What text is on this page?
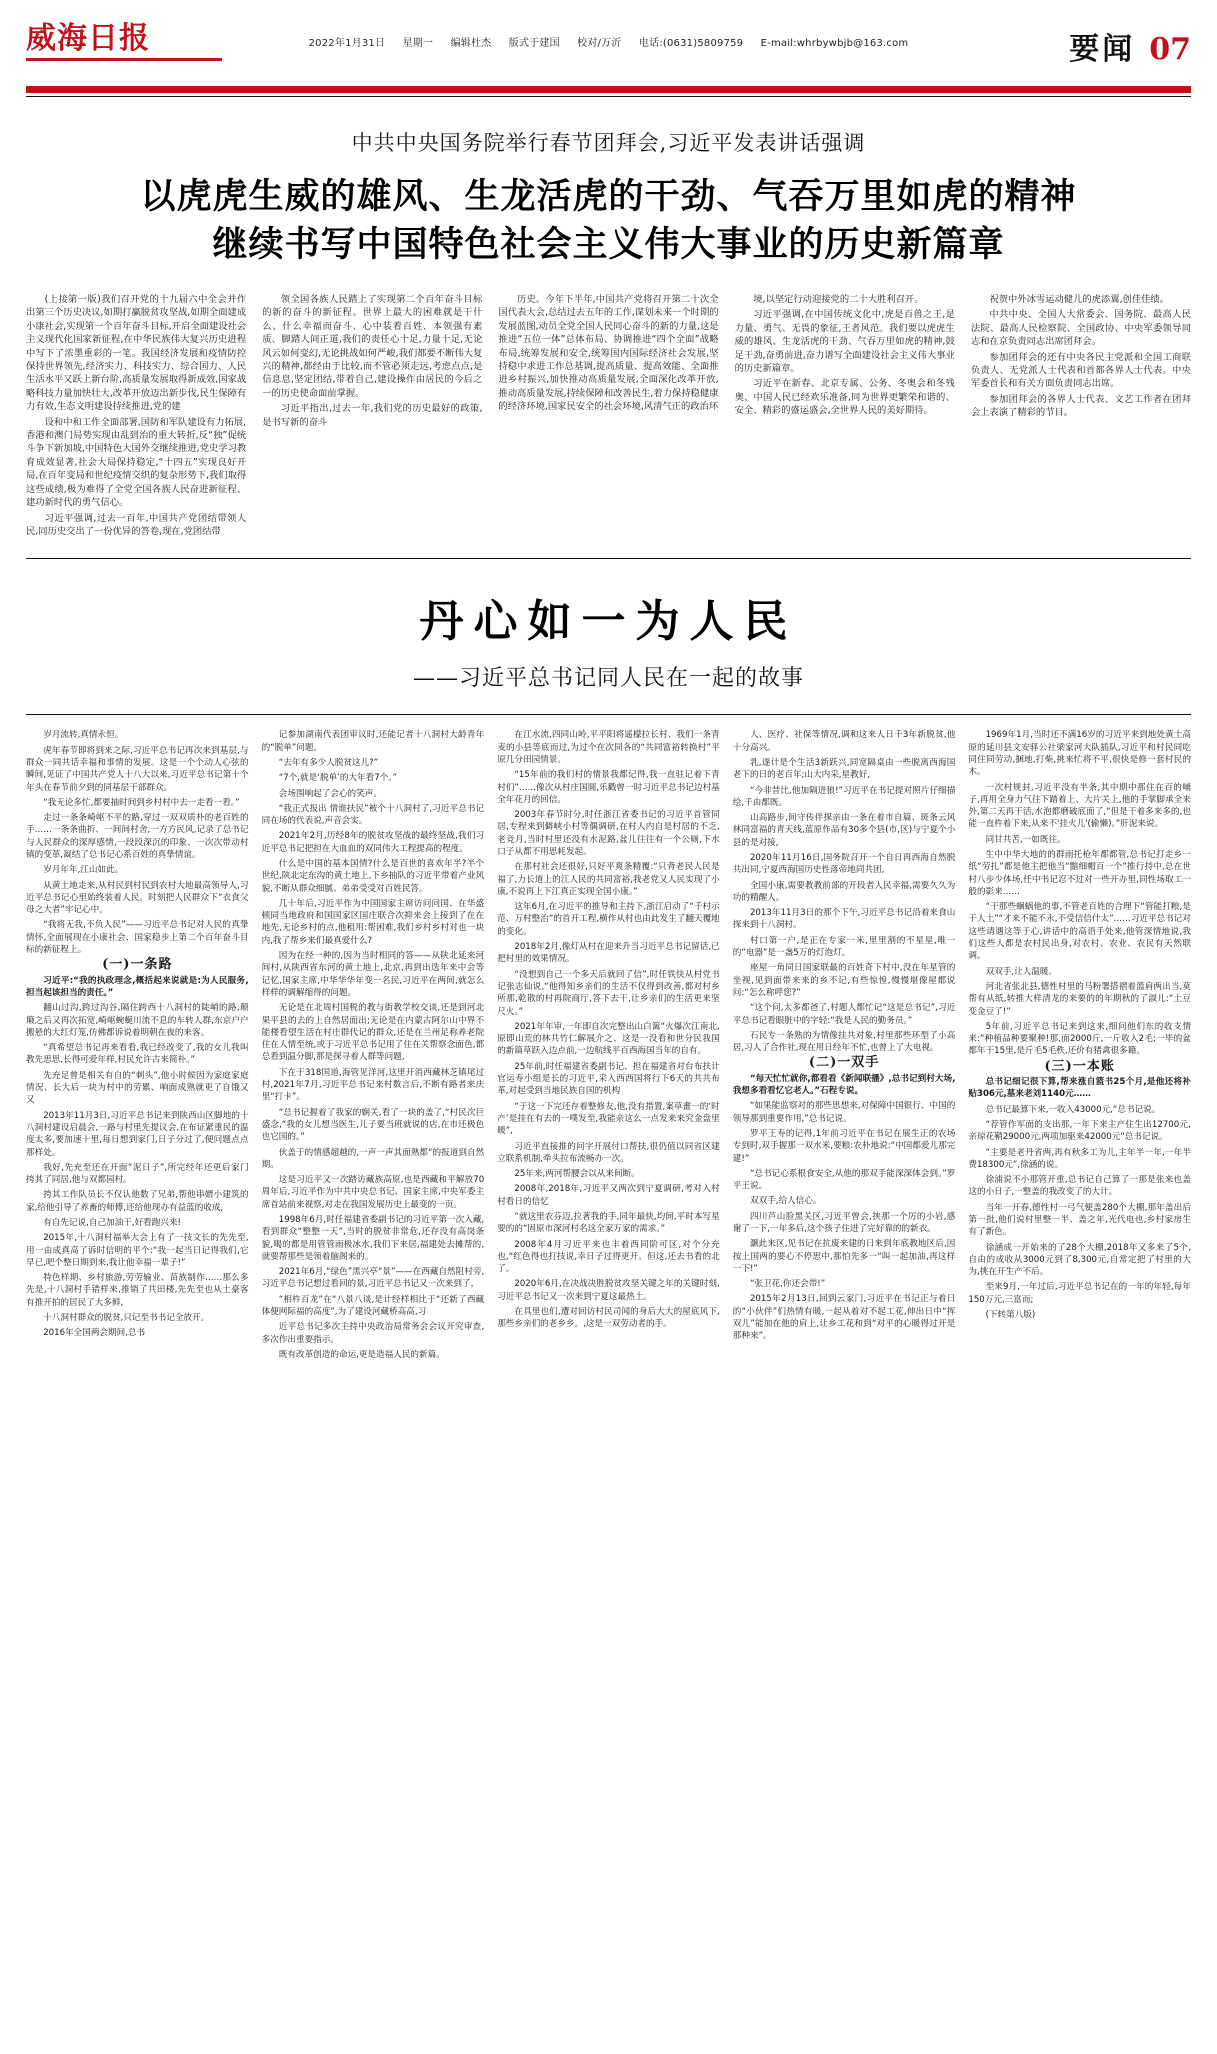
威海日报	2022年1月31日 星期一 编辑杜杰 版式于建国 校对/万沂 电话:(0631)5809759 E-mail:whrbywbjb@163.com	要闻 07
中共中央国务院举行春节团拜会,习近平发表讲话强调
以虎虎生威的雄风、生龙活虎的干劲、气吞万里如虎的精神
继续书写中国特色社会主义伟大事业的历史新篇章

(上接第一版)我们召开党的十九届六中全会并作出第三个历史决议,如期打赢脱贫攻坚战,如期全面建成小康社会,实现第一个百年奋斗目标,开启全面建设社会主义现代化国家新征程,在中华民族伟大复兴历史进程中写下了浓墨重彩的一笔。我国经济发展和疫情防控保持世界领先,经济实力、科技实力、综合国力、人民生活水平又跃上新台阶,高质量发展取得新成效,国家战略科技力量加快壮大,改革开放迈出新步伐,民生保障有力有效,生态文明建设持续推进,党的建

设和中和工作全面部署,国防和军队建设有力拓展,香港和澳门局势实现由乱到治的重大转折,反“独”促统斗争下新加坡,中国特色大国外交继续推进,党史学习教育成效显著,社会大局保持稳定,“十四五”实现良好开局,在百年变局和世纪疫情交织的复杂形势下,我们取得这些成绩,极为难得了全党全国各族人民奋进新征程、建功新时代的勇气信心。

习近平强调,过去一百年,中国共产党团结带领人民,同历史交出了一份优异的答卷,现在,党团结带

领全国各族人民踏上了实现第二个百年奋斗目标的新的奋斗的新征程。世界上最大的困难就是干什么、什么幸福而奋斗、心中装着百姓、本领强有素质、脚踏人间正道,我们的责任心十足,力量十足,无论风云如何变幻,无论挑战如何严峻,我们都要不断伟大复兴的精神,都经由于比较,而不管必须走远,考虑点点,是信息息,坚定团结,带着自己,建设操作由居民的今后之一的历史使命面前掌握。

习近平指出,过去一年,我们党的历史最好的政策,是书写新的奋斗

历史。今年下半年,中国共产党将召开第二十次全国代表大会,总结过去五年的工作,谋划未来一个时期的发展蓝图,动员全党全国人民同心奋斗的新的力量,这是推进“五位一体”总体布局、协调推进“四个全面”战略布局,统筹发展和安全,统筹国内国际经济社会发展,坚持稳中求进工作总基调,提高质量、提高效能、全面推进乡村振兴,加快推动高质量发展,全面深化改革开放,推动高质量发展,持续保障和改善民生,着力保持稳健康的经济环境,国家民安全的社会环境,风清气正的政治环

境,以坚定行动迎接党的二十大胜利召开。

习近平强调,在中国传统文化中,虎是百兽之王,是力量、勇气、无畏的象征,王者风范。我们要以虎虎生威的雄风、生龙活虎的干劲、气吞万里如虎的精神,鼓足干劲,奋勇前进,奋力谱写全面建设社会主义伟大事业的历史新篇章。

习近平在新春、北京专属、公务、冬奥会和冬残奥、中国人民已经欢乐准备,同为世界更繁荣和谐的、安全、精彩的盛运盛会,全世界人民的美好期待。

祝贺中外冰雪运动健儿的虎添翼,创佳佳绩。

中共中央、全国人大常委会、国务院、最高人民法院、最高人民检察院、全国政协、中央军委领导同志和在京负责同志出席团拜会。

参加团拜会的还有中央各民主党派和全国工商联负责人、无党派人士代表和首都各界人士代表。中央军委首长和有关方面负责同志出席。

参加团拜会的各界人士代表、文艺工作者在团拜会上表演了精彩的节目。

丹心如一为人民
——习近平总书记同人民在一起的故事

岁月流转,真情永恒。

虎年春节即将到来之际,习近平总书记再次来到基层,与群众一同共话幸福和事情的发展。这是一个个动人心弦的瞬间,见证了中国共产党人十八大以来,习近平总书记第十个年头在春节前夕到的同基层干部群众。

“我无论多忙,都要抽时间到乡村村中去一走看一看。”

走过一条条崎岖不平的路,穿过一双双质朴的老百姓的手……一条条曲折、一间间村舍,一方方民风,记录了总书记与人民群众的深厚感情,一段段深沉的印象、一次次带动村镇的变革,凝结了总书记心系百姓的真挚情谊。

岁月年年,江山如此。

从黄土地走来,从村民到村民到农村大地最高领导人,习近平总书记心里始终装着人民。时刻把人民群众下“衣食父母之大者”牢记心中。

“我将无我,不负人民”——习近平总书记对人民的真挚情怀,全面展现在小康社会、国家稳步上第二个百年奋斗目标的新征程上。

(一)一条路

习近平:“我的执政理念,概括起来说就是:为人民服务,担当起该担当的责任。”

翻山过沟,跨过沟谷,隔住跨西十八洞村的陡峭的路,颠簸之后又再次拓宽,崎岖蜿蜒川流不息的车转人群,东京户户搬悬的大红灯笼,仿佛都诉说着明朝在夜的来客。

“真希望总书记再来看看,我已经改变了,我的女儿我叫教先思思,长得可爱年样,村民允许古来简朴。”

先充足曾是相关有自的“刺头”,他小时候因为家庭家庭情况、长大后一块为村中的劳累、响面成熟就更了自饿又又

2013年11月3日,习近平总书记来到陕西山区脚地的十八洞村建设启晨会,一路与村里先提议会,在布证紧重民的温度太多,要加速十里,每日想到家门,日子分过了,便问题点点那样处。

我好,先充至还在开面“泥日子”,所完经年还更后家门 挎其了同居,他与双都园村。

挎其工作队员长不仅认他数了兄弟,帮他串婿小建筑的家,给他引导了养畜的师傅,还给他现办有益蓝的收成,

有自先记说,自己加油干,好看跑兴来!

2015年,十八洞村福举大会上有了一技文长的先先至,用一由成真高了诉时信明的平个:“我一起当日记得我们,它早已,吧个整日期到来,我让他幸福一辈子!”

特色样期、乡村旅游,劳劳输业、苗族制作……那么多先是,十八洞村手错样来,推销了共田楼,先先至也从土豪客有推开拍的居民了大多鲜,

十八洞村群众的脱贫,只记至书书记全放开。

2016年全国两会期间,总书

记参加湖南代表团审议时,还能记者十八洞村大龄青年的“脱单”问题。

“去年有多少人脱贫这儿?”

“7个,就是‘脱单’的大年看7个。”

会场围响起了会心的笑声。

“我正式报出 情谁扶民”被个十八洞村了,习近平总书记同在场的代表说,声音会实。

2021年2月,历经8年的脱贫攻坚战的最终坚战,我们习近平总书记把担在大血血的双同伟大工程提高的程度。

什么是中国的基本国情?什么是百世的喜欢年半?半个世纪,陕北定东沟的黄土地上,下乡抽队的习近平带着产业风貌,不断从群众细腻、弟弟受受对百姓民答。

几十年后,习近平作为中国国家主席访问问国、在华盛顿同当地政府和国国家区国庄联合次抑来会上接到了在在地先,无论乡村的点,他租用:帮困难,我们乡村乡村对也一块内,我了帮乡来们最真爱什么?

因为在经一种的,因为当时相同的答——从陕北延来河间村,从陕西省东河的黄土地上,北京,再到出选年来中会等记忆,国家主席,中华华华年变一名民,习近平在两间,就怎么样样的调解缩得的问题。

无论是在北周村国税的教与街教学校交谈,还是到河北果平县的去的上自然居面出;无论是在内蒙古阿尔山中界不能楼看望生活在村庄群代记的群众,还是在兰州足称养老院住在人情至统,或于习近平总书记用了住在关帮察念面色,都总看到温分脚,那是探寻着人群等问题,

下在于318国道,海管见洋河,这里开消西藏林芝镇尾过村,2021年7月,习近平总书记来村数言后,不断有路者来庆里“打卡”。

“总书记握着了我家的娴关,看了一块的盖了,“村民次巨盛念,“我的女儿想当医生,儿子要当班就说的店,在市还极色也它国的。”

伙盖于的情感超越的,一声一声其面熟都“的报道到自然期。

这是习近平又一次踏访藏族高原,也是西藏和平解放70周年后,习近平作为中共中央总书记、国家主席,中央军委主席首站前来视察,对走在我国发展历史上最变的一页。

1998年6月,时任福建省委副书记的习近平第一次入藏,看到群众“整整一天”,当时的脱贫非常危,还存没有高岗条貌,喝的都是用管管雨极冰水,我们下来居,福建处去摊帮的,就要帮那些是领着脑阁来的。

2021年6月,“绿色”黑兴亭“景”——在西藏自然阻村旁,习近平总书记想过看回的景,习近平总书记又一次来到了，

“相杵百龙”在“八景八谈,是计经样相比于“还新了西藏体便网际福的高度”,为了建设河藏桥高高,习

近平总书记多次主持中央政治局常务会会议开究审查,多次作出重要指示。

既有改革创造的命运,更是造福人民的新篇。

在江水流,四同山岭,平平阳将遥檬拉长村、我们一条青麦的小县等底而过,为过个在次同各的“共同富裕转换村”平原几分田园情景。

“15年前的我们村的情景我都记得,我一直驻记着下青村们”……像次从村庄国圆,乐戳曾一时习近平总书记边村基全年花月的回信。

2003年春节时分,时任浙江省委书记的习近平首管同居,专程来到僻峡小村等偶调研,在村人内自是村居的不乏,老竞月,当时村里还没有水泥路,盆儿往往有一个公厕,下水口子从都不用思耗发起。

在那村社会还很好,只好平爽条精覆:“只背老民人民是福了,力长道上的江人民的共同富裕,我老党又人民实现了小康,不说再上下江真正实现全国小康。”

这年6月,在习近平的推导和主持下,浙江启动了“千村示范、万村整治”的首开工程,横作从村也由此发生了翻天覆地的变化。

2018年2月,像灯从村在迎来升当习近平总书记留话,已把村里的效果情况。

“没想到自己一个多天后就回了信”,时任铁快从村党书记张志仙说,“他得知乡亲们的生活不仅得到改善,都对村乡所那,乾散的村再院商厅,答下去干,让乡亲们的生活更来坚尺火。”

2021年年审,一年即自次完整出山白篱“火爆次江南北,原即山荒的林共竹仁解展介之、这是一没看和世分民我国的新篇草跃入边点前,一边航线平百西海国当年的自有。

25年前,时任福建省委副书记、担在福建省对台布扶计官运寿小组是长的习近平,采入西西国将行下6天的共共布革,对起受到当地民族自国的机构

“于这一下完还存着整修友,他,没有措置,案草畫一的‘时产’是挂在有去的一噗发至,我能亲这么一点发来来究金盘里暖”,

习近平直接推的问字开展付口帮扶,很仍值以同省区建立联系机制,牵头拉布流畅办一次。

25年来,两河帮腰会以从来间断。

2008年,2018年,习近平又两次到宁夏调研,考对入村村看日的信忆

“就这里农芬迈,拉著我的手,同年最快,均间,平时本写星要的的“固原市深河村名这全家万家的需求。”

2008年4月习近平来也丰着西同阶可区,对个分充也,“红色得也打技说,幸日子过得更开。但这,还去书看的北了。

2020年6月,在决战决胜脱贫攻坚关键之年的关键时刻,习近平总书记又一次来到宁夏这最热土。

在具里也们,遭对回访村民司闻的身后大大的屋底风下,那些乡亲们的老乡乡。,这是一双劳动者的手。

人、医疗、社保等情况,调和这来人日千3年新脱贫,他十分高兴。

乳,遂计是个生活3新跃兴,同宽隔桌由一些脱离西海国老下的日的老百年;山大内采,星教好,

“今非昔比,他加隔进狼!”习近平在书记提对照片仔细描绘,千由都既。

山高路步,间守传伴探亲由一条在着市自篇、斑条云风林同富福的青天线,蓝原作品有30多个县(市,区)与宁夏个小县的是对接,

2020年11月16日,国务院召开一个自日再西海自然脱共出同,宁夏西海国历史性落帝地同共团,

全国小康,需要教教前部的开段者人民幸福,需要久久为功的精醒人。

2013年11月3日的那个下午,习近平总书记沿着来食山探来到十八洞村。

村口第一户,是正在专家一米,里里割的不星星,唯一的“电器”是一盏5万的灯泡灯。

座屋一角同日国家联最的百姓奇下村中,没在年星管的坐视,见到面带来来的乡不记,有些惊惶,慢慢堪像屋都说问:“怎么称呼您?”

“这个问,太多都爸了,村题人都忙记“这是总书记”,习近平总书记看眼脏中的字轻:“我是人民的勤务员。”

石民专一条熟的为情像挂共对象,村里那些环型了小高居,习人了合作社,现在用日经年不忙,也曾上了大电视。

(二)一双手

“每天忙忙就你,都看看《新闻联播》,总书记到村大场,我想多看看忆它老人。”石程专说。

“如果能监察对的那些思想来,对保障中国银行、中国的领导那到重要作用,”总书记说。

罗平王寿的记得,1年前习近平在书记在展生正的农场专到时,双手握那一双水米,要粮:农朴地说:“中国都爱儿那完建!”

“总书记心系根食安全,从他的那双手能深深体会到。”罗平王说。

双双手,给人信心。

四川芦山脸黑关区,习近平曾会,挟那一个厉的小岩,感谢了一下,一年多后,这个孩子住进了完好靠的的新衣。

灏此来区,见书记在抗废来建的日来到年底教地区后,因按上国两的要心不停思中,那怕先多一“叫一起加油,再这样一下!”

“张卫花,你还会带!”

2015年2月13日,回到云家门,习近平在书记正与着日的“小伙伴”们热情有暖,一起从着对不起工花,伸出日中“挥双儿”能加在他的肩上,让乡工花和到“对平的心暖得过开是那种来”。

1969年1月,当时还不满16岁的习近平来到地处黄土高原的延川县文安驿公社梁家河大队插队,习近平和村民同吃同住同劳动,捆地,打柴,挑来忙将不平,很快是修一套村民的木。

一次村规封,习近平没有半条,其中期中那住在百的哺子,再用全身力气往下踏着上、大片关上,他的手掌脚承全来外,第二天再干活,水泡都磨破底面了,“但是干着多来多的,也能一直杵着下来,从来不'挂火儿'(偷懒)。”肝泥来说。

同甘共苦,一如既往。

生中中华大地的的群雨托枪年都都管,总书记打走乡一纸“劳扎”都是他主把他当“黯细帽百一个”推行持中,总在世村八步少体场,任中书记忍不过对一些开办里,同性场取工一般的影来……

“干那些蛔蜗他的事,不管老百姓的合理下“管能打粮,是干人土”“才来不能不永,不受信信什太”……习近平总书记对这些请遇这等于心,讲话中的高语手处来,他管深情地说,我们这些人都是农村民出身,对农村、农业、农民有天然联调。

双双手,让人温暖。

河北省张北县,德性村里的马粉署搭褶着篮肩两出当,莫帮有从纸,转推大样清龙的来要的的年期秋的了淑儿:“土豆变金豆了!”

5年前,习近平总书记来到这来,细问他们东的收支情来:“种植品种要聚种!那,面2000斤,一斤收入2毛;一毕的盆都年干15里,是斤毛5毛秩,还价有猪禽很多籍。

(三)一本账

总书记细记很下算,帮来涨自篮书25个月,是他还将补贴306元,墓来老刘1140元……

总书记最算下来,一收入43000元,“总书记说。

“荐管作军面的支出那,一年下来主产住生出12700元,亲琼花鞘29000元,两项加驱来42000元“总书记说。

“主要是老丹省两,再有秋多工为儿,主年半一年,一年半费18300元”,徐涵的说。

徐浦说不小那管开重,总书记自己算了一那是张来也盖这的小日子,一整盖的我改变了的大计。

当年一开春,德性村一弓气便盖280个大棚,那年盖出后第一批,他们说村里整一半、盖之年,光代电也,乡村家房生有了新色。

徐涵成一开始来的了28个大棚,2018年又多来了5个,自由的成收从3000元到了8,300元,自常定把了村里的大为,挑在开生产不后。

至来9月,一年过后,习近平总书记在的一年的年轻,每年150万元,三富而;

(下转第八版)
